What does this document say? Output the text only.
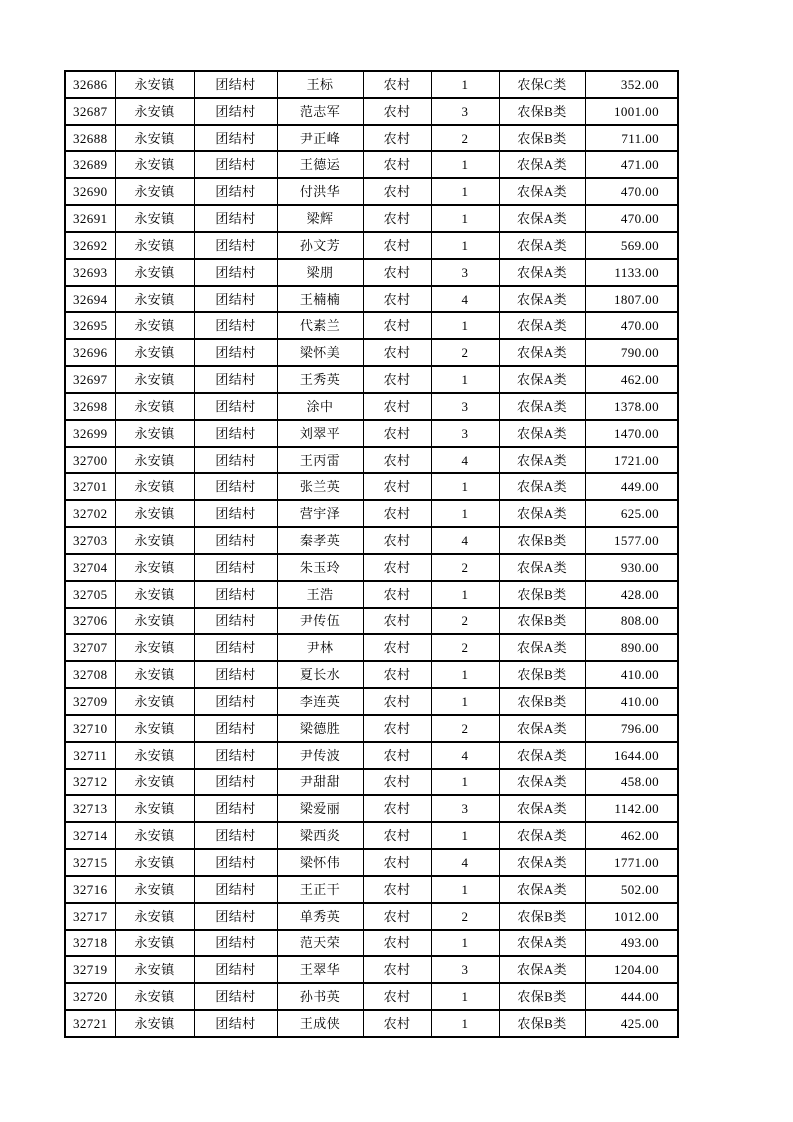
32686	永安镇	团结村	王标	农村	1	农保C类	352.00
32687	永安镇	团结村	范志军	农村	3	农保B类	1001.00
32688	永安镇	团结村	尹正峰	农村	2	农保B类	711.00
32689	永安镇	团结村	王德运	农村	1	农保A类	471.00
32690	永安镇	团结村	付洪华	农村	1	农保A类	470.00
32691	永安镇	团结村	梁辉	农村	1	农保A类	470.00
32692	永安镇	团结村	孙文芳	农村	1	农保A类	569.00
32693	永安镇	团结村	梁朋	农村	3	农保A类	1133.00
32694	永安镇	团结村	王楠楠	农村	4	农保A类	1807.00
32695	永安镇	团结村	代素兰	农村	1	农保A类	470.00
32696	永安镇	团结村	梁怀美	农村	2	农保A类	790.00
32697	永安镇	团结村	王秀英	农村	1	农保A类	462.00
32698	永安镇	团结村	涂中	农村	3	农保A类	1378.00
32699	永安镇	团结村	刘翠平	农村	3	农保A类	1470.00
32700	永安镇	团结村	王丙雷	农村	4	农保A类	1721.00
32701	永安镇	团结村	张兰英	农村	1	农保A类	449.00
32702	永安镇	团结村	营宇泽	农村	1	农保A类	625.00
32703	永安镇	团结村	秦孝英	农村	4	农保B类	1577.00
32704	永安镇	团结村	朱玉玲	农村	2	农保A类	930.00
32705	永安镇	团结村	王浩	农村	1	农保B类	428.00
32706	永安镇	团结村	尹传伍	农村	2	农保B类	808.00
32707	永安镇	团结村	尹林	农村	2	农保A类	890.00
32708	永安镇	团结村	夏长水	农村	1	农保B类	410.00
32709	永安镇	团结村	李连英	农村	1	农保B类	410.00
32710	永安镇	团结村	梁德胜	农村	2	农保A类	796.00
32711	永安镇	团结村	尹传波	农村	4	农保A类	1644.00
32712	永安镇	团结村	尹甜甜	农村	1	农保A类	458.00
32713	永安镇	团结村	梁爱丽	农村	3	农保A类	1142.00
32714	永安镇	团结村	梁西炎	农村	1	农保A类	462.00
32715	永安镇	团结村	梁怀伟	农村	4	农保A类	1771.00
32716	永安镇	团结村	王正干	农村	1	农保A类	502.00
32717	永安镇	团结村	单秀英	农村	2	农保B类	1012.00
32718	永安镇	团结村	范天荣	农村	1	农保A类	493.00
32719	永安镇	团结村	王翠华	农村	3	农保A类	1204.00
32720	永安镇	团结村	孙书英	农村	1	农保B类	444.00
32721	永安镇	团结村	王成侠	农村	1	农保B类	425.00
